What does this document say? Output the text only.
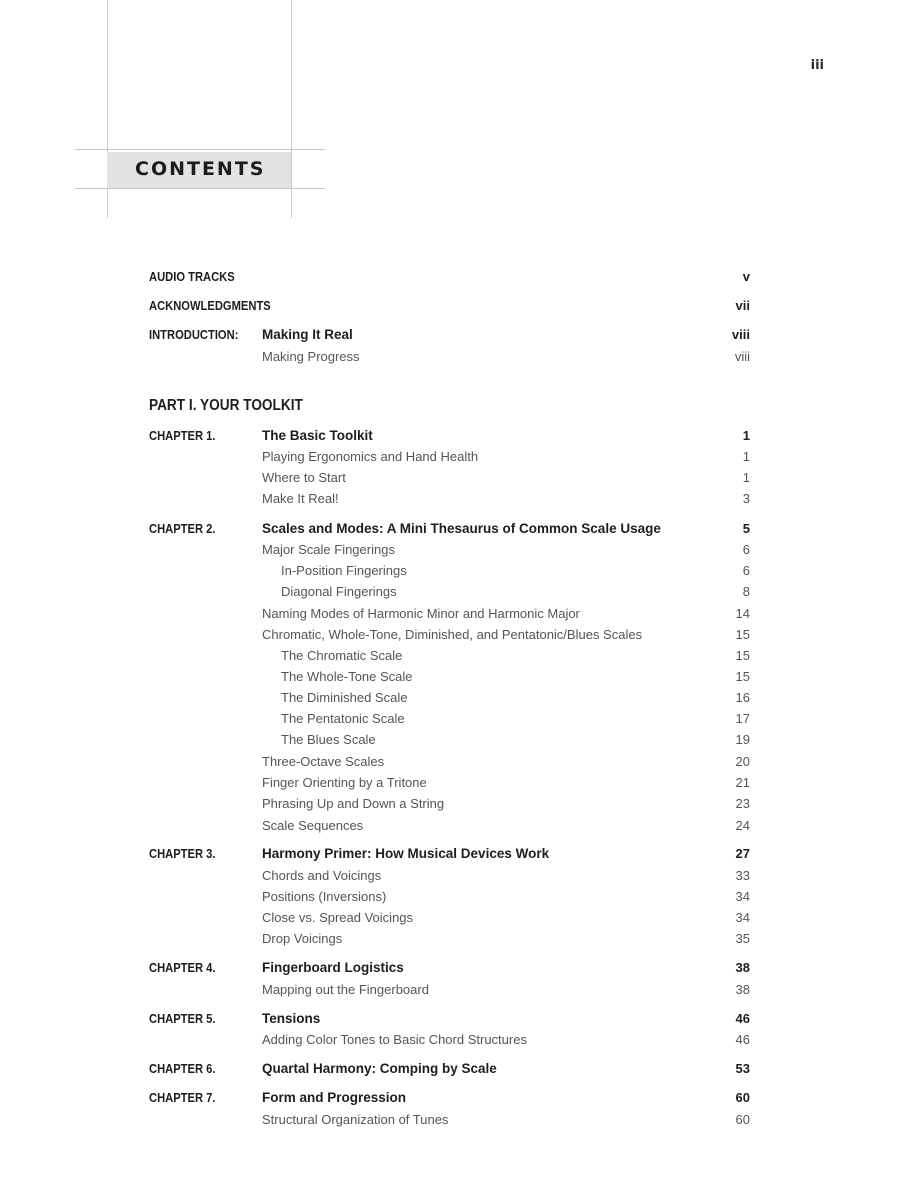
CONTENTS
iii
PART I. YOUR TOOLKIT
AUDIO TRACKS	v
ACKNOWLEDGMENTS	vii
INTRODUCTION: Making It Real	viii
Making Progress	viii
CHAPTER 1.	The Basic Toolkit	1
Playing Ergonomics and Hand Health	1
Where to Start	1
Make It Real!	3
CHAPTER 2.	Scales and Modes: A Mini Thesaurus of Common Scale Usage	5
Major Scale Fingerings	6
In-Position Fingerings	6
Diagonal Fingerings	8
Naming Modes of Harmonic Minor and Harmonic Major	14
Chromatic, Whole-Tone, Diminished, and Pentatonic/Blues Scales	15
The Chromatic Scale	15
The Whole-Tone Scale	15
The Diminished Scale	16
The Pentatonic Scale	17
The Blues Scale	19
Three-Octave Scales	20
Finger Orienting by a Tritone	21
Phrasing Up and Down a String	23
Scale Sequences	24
CHAPTER 3.	Harmony Primer: How Musical Devices Work	27
Chords and Voicings	33
Positions (Inversions)	34
Close vs. Spread Voicings	34
Drop Voicings	35
CHAPTER 4.	Fingerboard Logistics	38
Mapping out the Fingerboard	38
CHAPTER 5.	Tensions	46
Adding Color Tones to Basic Chord Structures	46
CHAPTER 6.	Quartal Harmony: Comping by Scale	53
CHAPTER 7.	Form and Progression	60
Structural Organization of Tunes	60
